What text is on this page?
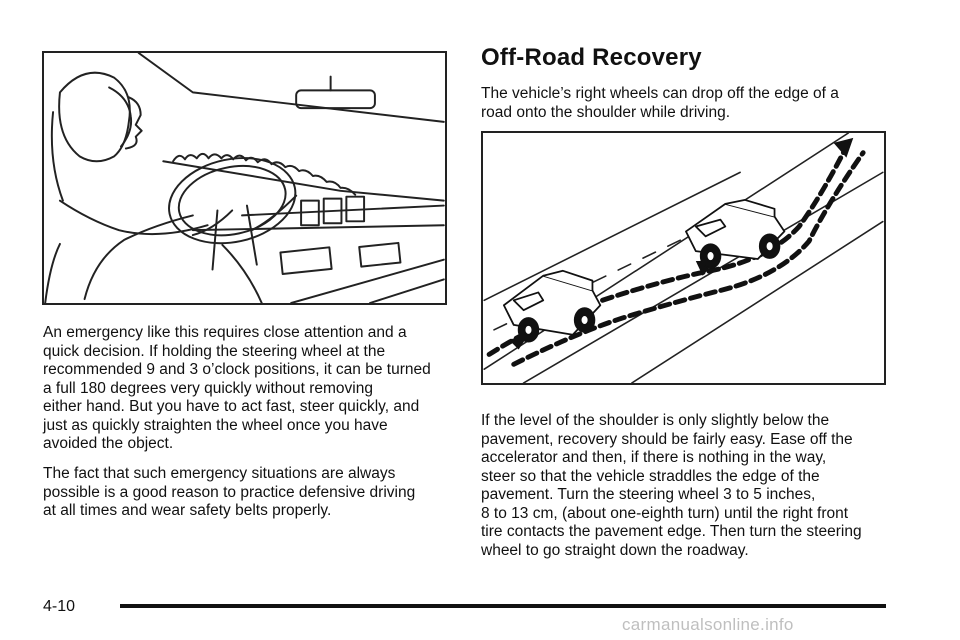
An emergency like this requires close attention and a
quick decision. If holding the steering wheel at the
recommended 9 and 3 o’clock positions, it can be turned
a full 180 degrees very quickly without removing
either hand. But you have to act fast, steer quickly, and
just as quickly straighten the wheel once you have
avoided the object.
The fact that such emergency situations are always
possible is a good reason to practice defensive driving
at all times and wear safety belts properly.
Off-Road Recovery
The vehicle’s right wheels can drop off the edge of a
road onto the shoulder while driving.
If the level of the shoulder is only slightly below the
pavement, recovery should be fairly easy. Ease off the
accelerator and then, if there is nothing in the way,
steer so that the vehicle straddles the edge of the
pavement. Turn the steering wheel 3 to 5 inches,
8 to 13 cm, (about one-eighth turn) until the right front
tire contacts the pavement edge. Then turn the steering
wheel to go straight down the roadway.
4-10
carmanualsonline.info
